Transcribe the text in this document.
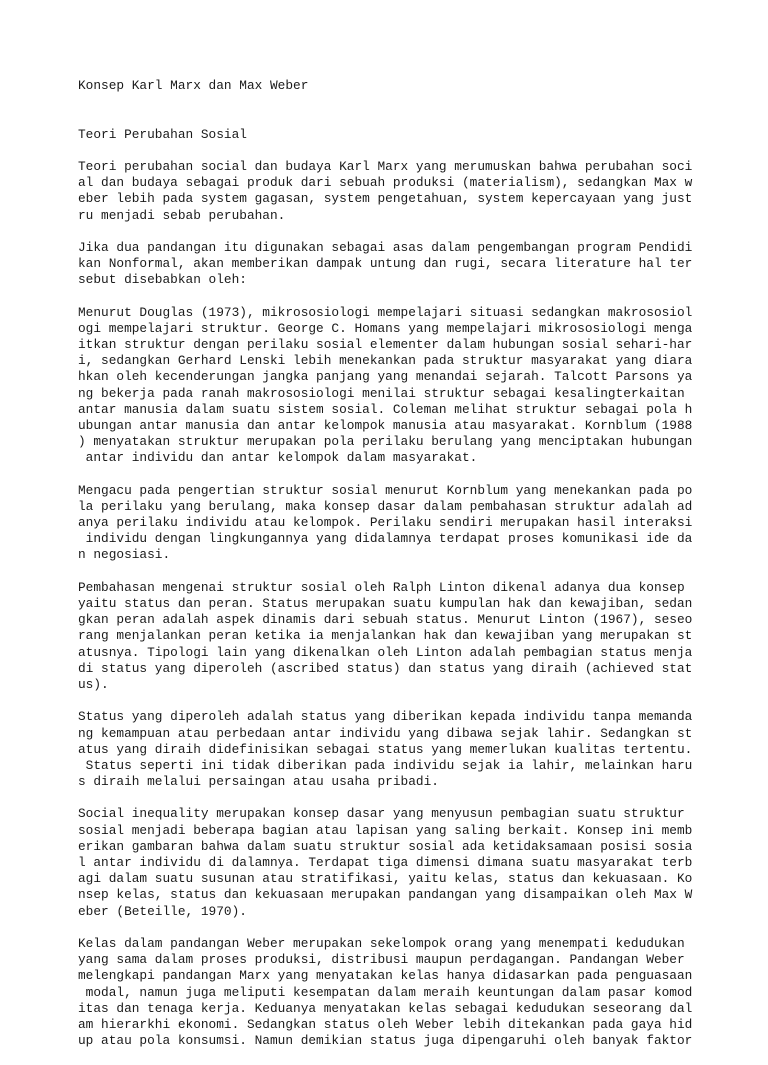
Konsep Karl Marx dan Max Weber
Teori Perubahan Sosial
Teori perubahan social dan budaya Karl Marx yang merumuskan bahwa perubahan soci
al dan budaya sebagai produk dari sebuah produksi (materialism), sedangkan Max w
eber lebih pada system gagasan, system pengetahuan, system kepercayaan yang just
ru menjadi sebab perubahan.
Jika dua pandangan itu digunakan sebagai asas dalam pengembangan program Pendidi
kan Nonformal, akan memberikan dampak untung dan rugi, secara literature hal ter
sebut disebabkan oleh:
Menurut Douglas (1973), mikrososiologi mempelajari situasi sedangkan makrososiol
ogi mempelajari struktur. George C. Homans yang mempelajari mikrososiologi menga
itkan struktur dengan perilaku sosial elementer dalam hubungan sosial sehari-har
i, sedangkan Gerhard Lenski lebih menekankan pada struktur masyarakat yang diara
hkan oleh kecenderungan jangka panjang yang menandai sejarah. Talcott Parsons ya
ng bekerja pada ranah makrososiologi menilai struktur sebagai kesalingterkaitan
antar manusia dalam suatu sistem sosial. Coleman melihat struktur sebagai pola h
ubungan antar manusia dan antar kelompok manusia atau masyarakat. Kornblum (1988
) menyatakan struktur merupakan pola perilaku berulang yang menciptakan hubungan
antar individu dan antar kelompok dalam masyarakat.
Mengacu pada pengertian struktur sosial menurut Kornblum yang menekankan pada po
la perilaku yang berulang, maka konsep dasar dalam pembahasan struktur adalah ad
anya perilaku individu atau kelompok. Perilaku sendiri merupakan hasil interaksi
individu dengan lingkungannya yang didalamnya terdapat proses komunikasi ide da
n negosiasi.
Pembahasan mengenai struktur sosial oleh Ralph Linton dikenal adanya dua konsep
yaitu status dan peran. Status merupakan suatu kumpulan hak dan kewajiban, sedan
gkan peran adalah aspek dinamis dari sebuah status. Menurut Linton (1967), seseo
rang menjalankan peran ketika ia menjalankan hak dan kewajiban yang merupakan st
atusnya. Tipologi lain yang dikenalkan oleh Linton adalah pembagian status menja
di status yang diperoleh (ascribed status) dan status yang diraih (achieved stat
us).
Status yang diperoleh adalah status yang diberikan kepada individu tanpa memanda
ng kemampuan atau perbedaan antar individu yang dibawa sejak lahir. Sedangkan st
atus yang diraih didefinisikan sebagai status yang memerlukan kualitas tertentu.
Status seperti ini tidak diberikan pada individu sejak ia lahir, melainkan haru
s diraih melalui persaingan atau usaha pribadi.
Social inequality merupakan konsep dasar yang menyusun pembagian suatu struktur
sosial menjadi beberapa bagian atau lapisan yang saling berkait. Konsep ini memb
erikan gambaran bahwa dalam suatu struktur sosial ada ketidaksamaan posisi sosia
l antar individu di dalamnya. Terdapat tiga dimensi dimana suatu masyarakat terb
agi dalam suatu susunan atau stratifikasi, yaitu kelas, status dan kekuasaan. Ko
nsep kelas, status dan kekuasaan merupakan pandangan yang disampaikan oleh Max W
eber (Beteille, 1970).
Kelas dalam pandangan Weber merupakan sekelompok orang yang menempati kedudukan
yang sama dalam proses produksi, distribusi maupun perdagangan. Pandangan Weber
melengkapi pandangan Marx yang menyatakan kelas hanya didasarkan pada penguasaan
modal, namun juga meliputi kesempatan dalam meraih keuntungan dalam pasar komod
itas dan tenaga kerja. Keduanya menyatakan kelas sebagai kedudukan seseorang dal
am hierarkhi ekonomi. Sedangkan status oleh Weber lebih ditekankan pada gaya hid
up atau pola konsumsi. Namun demikian status juga dipengaruhi oleh banyak faktor
